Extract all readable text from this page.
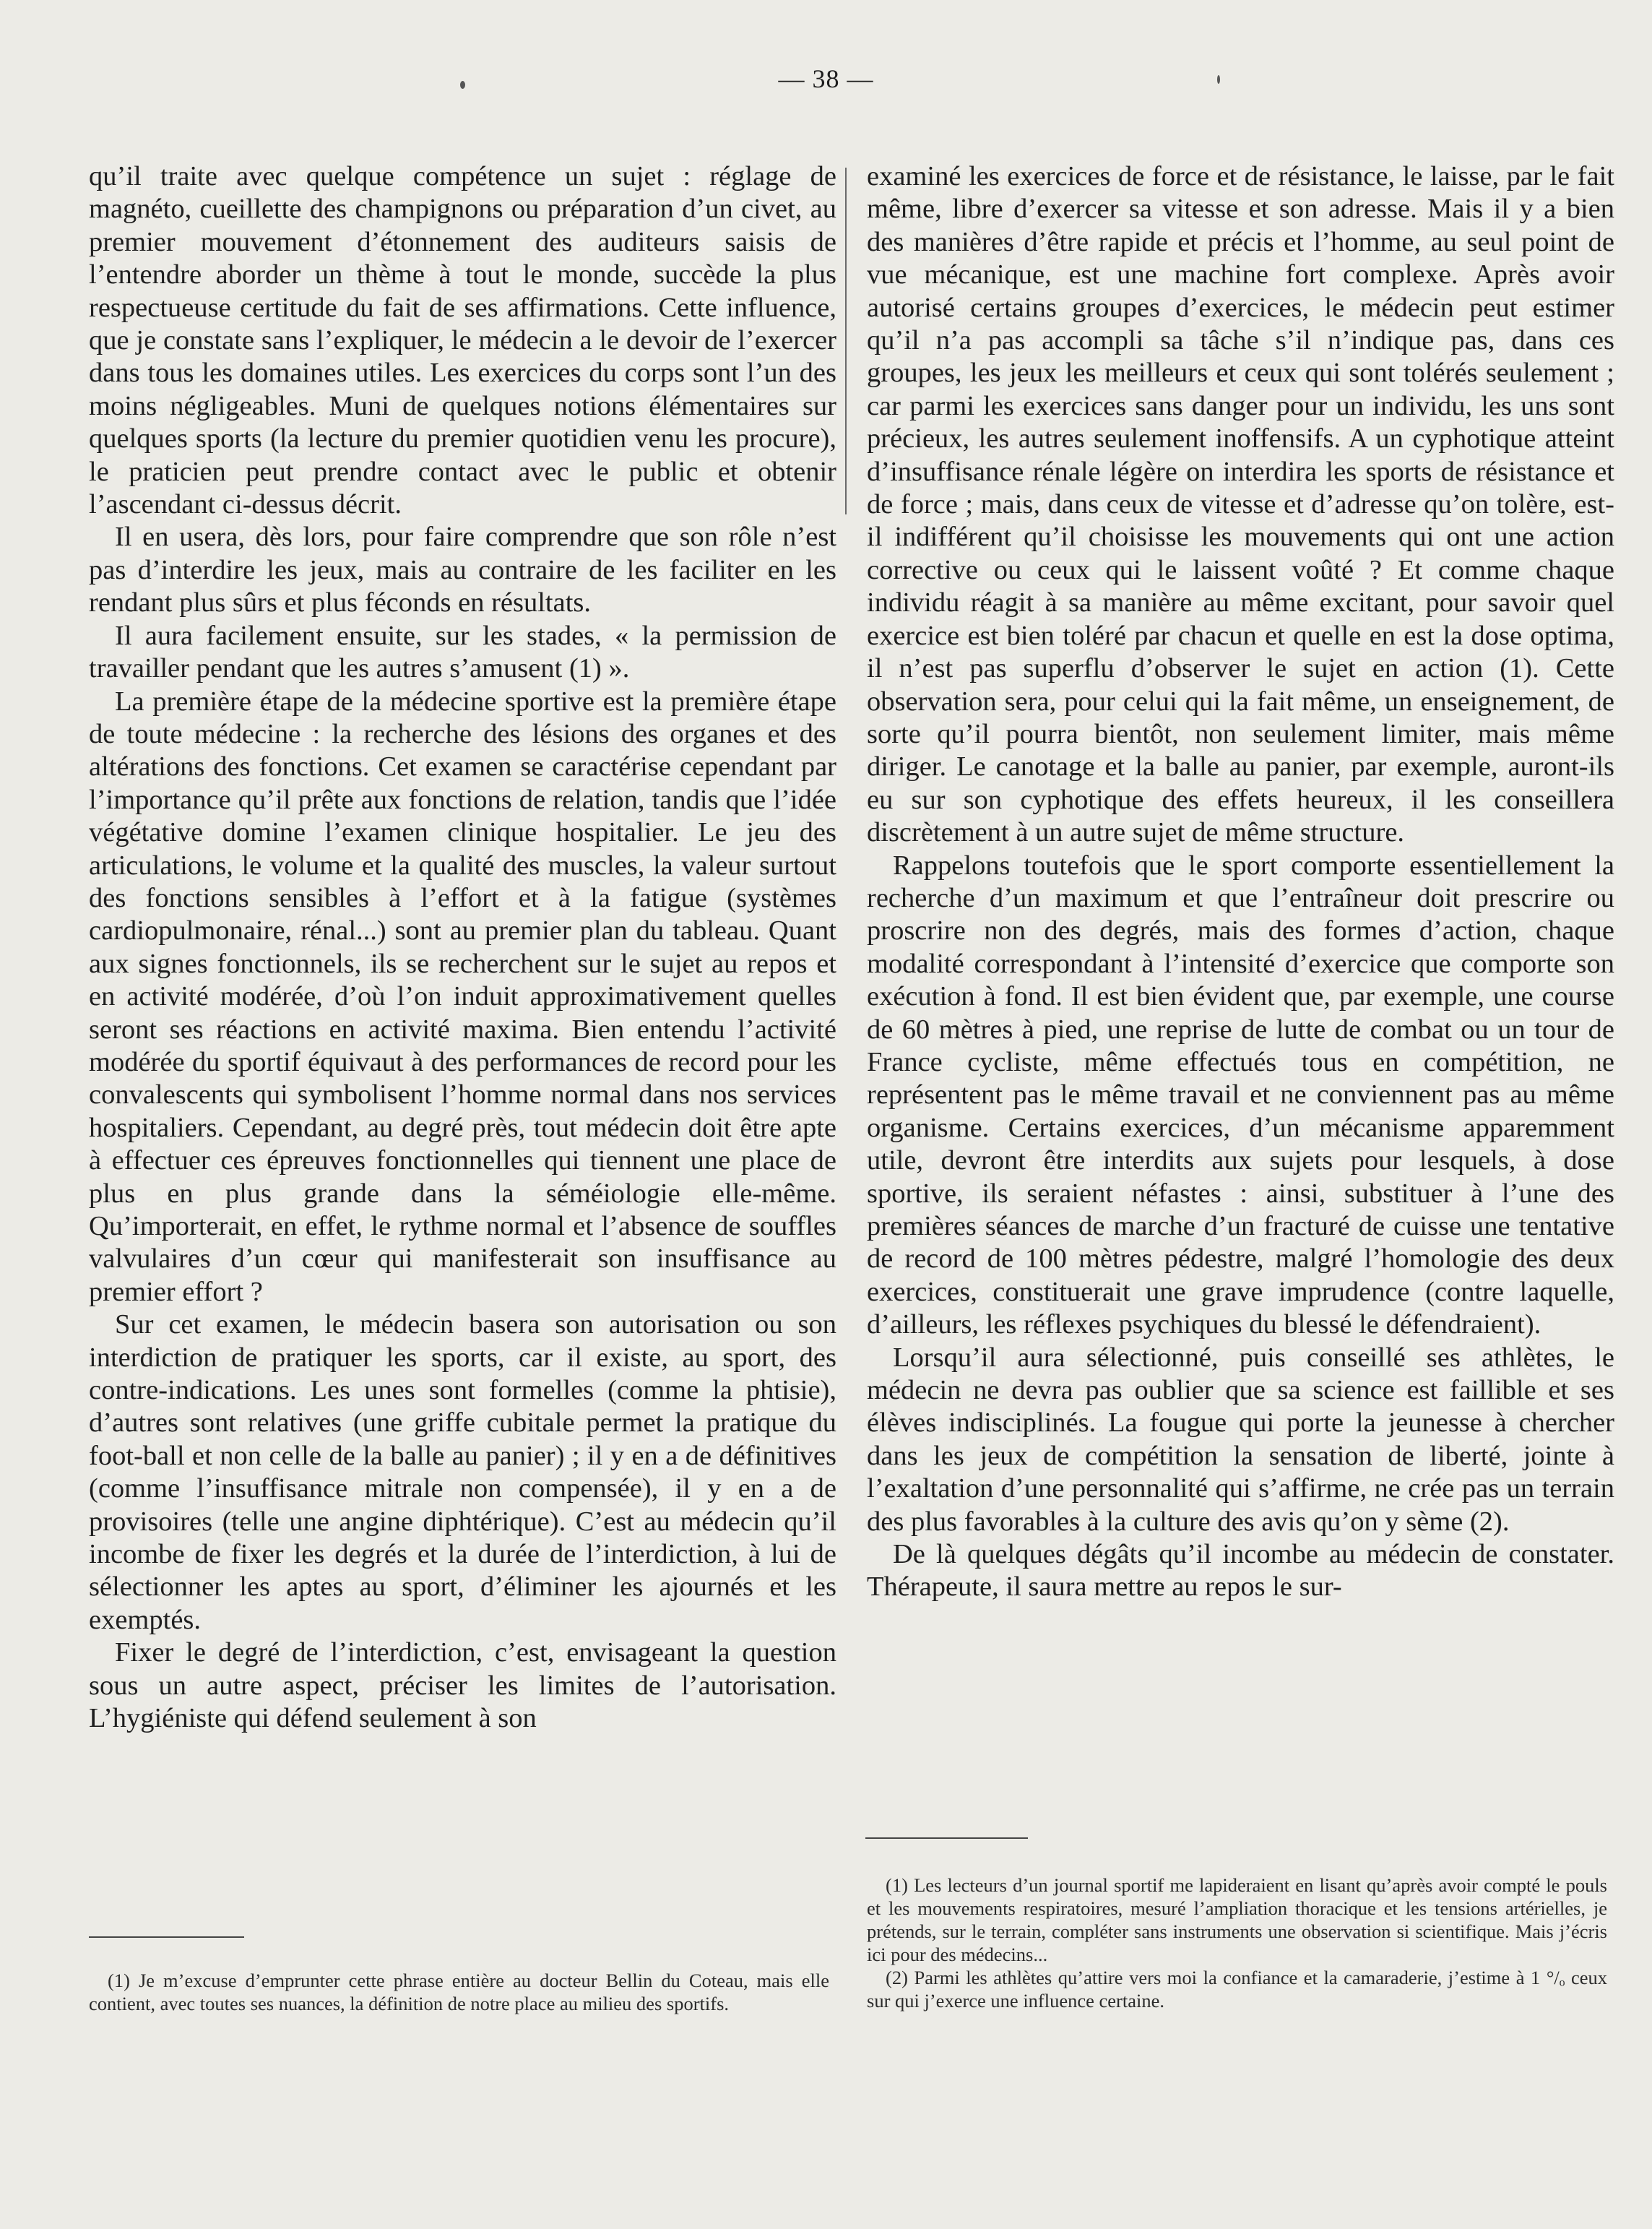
— 38 —

qu’il traite avec quelque compétence un sujet : réglage de magnéto, cueillette des champignons ou préparation d’un civet, au premier mouvement d’étonnement des auditeurs saisis de l’entendre aborder un thème à tout le monde, succède la plus respectueuse certitude du fait de ses affirmations. Cette influence, que je constate sans l’expliquer, le médecin a le devoir de l’exercer dans tous les domaines utiles. Les exercices du corps sont l’un des moins négligeables. Muni de quelques notions élémentaires sur quelques sports (la lecture du premier quotidien venu les procure), le praticien peut prendre contact avec le public et obtenir l’ascendant ci-dessus décrit.

Il en usera, dès lors, pour faire comprendre que son rôle n’est pas d’interdire les jeux, mais au contraire de les faciliter en les rendant plus sûrs et plus féconds en résultats.

Il aura facilement ensuite, sur les stades, « la permission de travailler pendant que les autres s’amusent (1) ».

La première étape de la médecine sportive est la première étape de toute médecine : la recherche des lésions des organes et des altérations des fonctions. Cet examen se caractérise cependant par l’importance qu’il prête aux fonctions de relation, tandis que l’idée végétative domine l’examen clinique hospitalier. Le jeu des articulations, le volume et la qualité des muscles, la valeur surtout des fonctions sensibles à l’effort et à la fatigue (systèmes cardiopulmonaire, rénal...) sont au premier plan du tableau. Quant aux signes fonctionnels, ils se recherchent sur le sujet au repos et en activité modérée, d’où l’on induit approximativement quelles seront ses réactions en activité maxima. Bien entendu l’activité modérée du sportif équivaut à des performances de record pour les convalescents qui symbolisent l’homme normal dans nos services hospitaliers. Cependant, au degré près, tout médecin doit être apte à effectuer ces épreuves fonctionnelles qui tiennent une place de plus en plus grande dans la séméiologie elle-même. Qu’importerait, en effet, le rythme normal et l’absence de souffles valvulaires d’un cœur qui manifesterait son insuffisance au premier effort ?

Sur cet examen, le médecin basera son autorisation ou son interdiction de pratiquer les sports, car il existe, au sport, des contre-indications. Les unes sont formelles (comme la phtisie), d’autres sont relatives (une griffe cubitale permet la pratique du foot-ball et non celle de la balle au panier) ; il y en a de définitives (comme l’insuffisance mitrale non compensée), il y en a de provisoires (telle une angine diphtérique). C’est au médecin qu’il incombe de fixer les degrés et la durée de l’interdiction, à lui de sélectionner les aptes au sport, d’éliminer les ajournés et les exemptés.

Fixer le degré de l’interdiction, c’est, envisageant la question sous un autre aspect, préciser les limites de l’autorisation. L’hygiéniste qui défend seulement à son

examiné les exercices de force et de résistance, le laisse, par le fait même, libre d’exercer sa vitesse et son adresse. Mais il y a bien des manières d’être rapide et précis et l’homme, au seul point de vue mécanique, est une machine fort complexe. Après avoir autorisé certains groupes d’exercices, le médecin peut estimer qu’il n’a pas accompli sa tâche s’il n’indique pas, dans ces groupes, les jeux les meilleurs et ceux qui sont tolérés seulement ; car parmi les exercices sans danger pour un individu, les uns sont précieux, les autres seulement inoffensifs. A un cyphotique atteint d’insuffisance rénale légère on interdira les sports de résistance et de force ; mais, dans ceux de vitesse et d’adresse qu’on tolère, est-il indifférent qu’il choisisse les mouvements qui ont une action corrective ou ceux qui le laissent voûté ? Et comme chaque individu réagit à sa manière au même excitant, pour savoir quel exercice est bien toléré par chacun et quelle en est la dose optima, il n’est pas superflu d’observer le sujet en action (1). Cette observation sera, pour celui qui la fait même, un enseignement, de sorte qu’il pourra bientôt, non seulement limiter, mais même diriger. Le canotage et la balle au panier, par exemple, auront-ils eu sur son cyphotique des effets heureux, il les conseillera discrètement à un autre sujet de même structure.

Rappelons toutefois que le sport comporte essentiellement la recherche d’un maximum et que l’entraîneur doit prescrire ou proscrire non des degrés, mais des formes d’action, chaque modalité correspondant à l’intensité d’exercice que comporte son exécution à fond. Il est bien évident que, par exemple, une course de 60 mètres à pied, une reprise de lutte de combat ou un tour de France cycliste, même effectués tous en compétition, ne représentent pas le même travail et ne conviennent pas au même organisme. Certains exercices, d’un mécanisme apparemment utile, devront être interdits aux sujets pour lesquels, à dose sportive, ils seraient néfastes : ainsi, substituer à l’une des premières séances de marche d’un fracturé de cuisse une tentative de record de 100 mètres pédestre, malgré l’homologie des deux exercices, constituerait une grave imprudence (contre laquelle, d’ailleurs, les réflexes psychiques du blessé le défendraient).

Lorsqu’il aura sélectionné, puis conseillé ses athlètes, le médecin ne devra pas oublier que sa science est faillible et ses élèves indisciplinés. La fougue qui porte la jeunesse à chercher dans les jeux de compétition la sensation de liberté, jointe à l’exaltation d’une personnalité qui s’affirme, ne crée pas un terrain des plus favorables à la culture des avis qu’on y sème (2).

De là quelques dégâts qu’il incombe au médecin de constater. Thérapeute, il saura mettre au repos le sur-

(1) Je m’excuse d’emprunter cette phrase entière au docteur Bellin du Coteau, mais elle contient, avec toutes ses nuances, la définition de notre place au milieu des sportifs.

(1) Les lecteurs d’un journal sportif me lapideraient en lisant qu’après avoir compté le pouls et les mouvements respiratoires, mesuré l’ampliation thoracique et les tensions artérielles, je prétends, sur le terrain, compléter sans instruments une observation si scientifique. Mais j’écris ici pour des médecins...

(2) Parmi les athlètes qu’attire vers moi la confiance et la camaraderie, j’estime à 1 °/ₒ ceux sur qui j’exerce une influence certaine.
